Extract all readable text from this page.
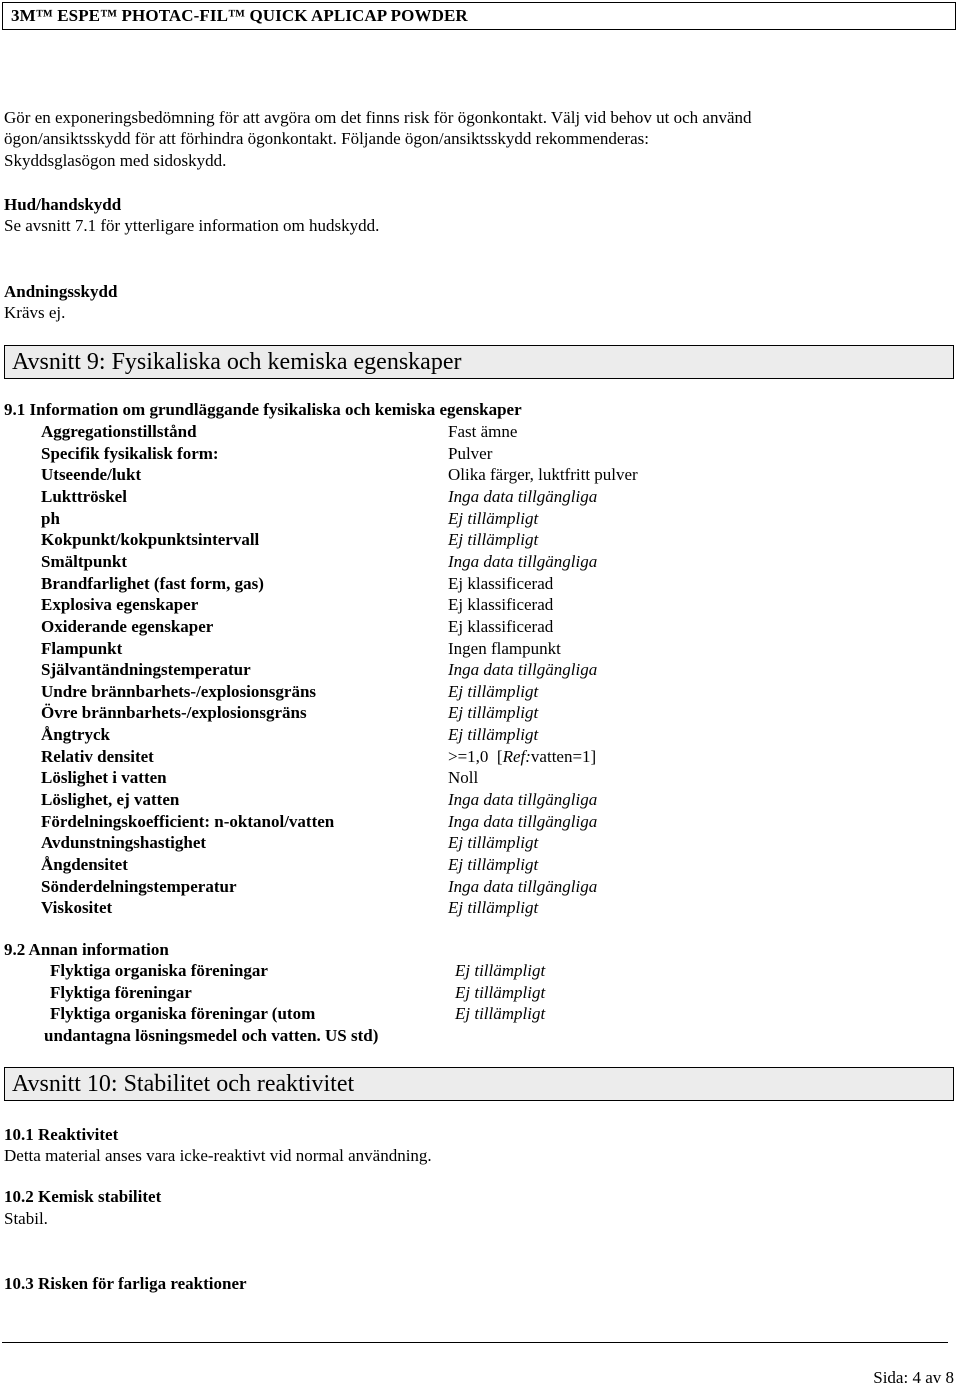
3M™ ESPE™ PHOTAC-FIL™ QUICK APLICAP POWDER
Gör en exponeringsbedömning för att avgöra om det finns risk för ögonkontakt. Välj vid behov ut och använd
ögon/ansiktsskydd för att förhindra ögonkontakt. Följande ögon/ansiktsskydd rekommenderas:
Skyddsglasögon med sidoskydd.
Hud/handskydd
Se avsnitt 7.1 för ytterligare information om hudskydd.
Andningsskydd
Krävs ej.
Avsnitt 9: Fysikaliska och kemiska egenskaper
9.1 Information om grundläggande fysikaliska och kemiska egenskaper
Aggregationstillstånd	Fast ämne
Specifik fysikalisk form:	Pulver
Utseende/lukt	Olika färger, luktfritt pulver
Lukttröskel	Inga data tillgängliga
ph	Ej tillämpligt
Kokpunkt/kokpunktsintervall	Ej tillämpligt
Smältpunkt	Inga data tillgängliga
Brandfarlighet (fast form, gas)	Ej klassificerad
Explosiva egenskaper	Ej klassificerad
Oxiderande egenskaper	Ej klassificerad
Flampunkt	Ingen flampunkt
Självantändningstemperatur	Inga data tillgängliga
Undre brännbarhets-/explosionsgräns	Ej tillämpligt
Övre brännbarhets-/explosionsgräns	Ej tillämpligt
Ångtryck	Ej tillämpligt
Relativ densitet	>=1,0  [Ref:vatten=1]
Löslighet i vatten	Noll
Löslighet, ej vatten	Inga data tillgängliga
Fördelningskoefficient: n-oktanol/vatten	Inga data tillgängliga
Avdunstningshastighet	Ej tillämpligt
Ångdensitet	Ej tillämpligt
Sönderdelningstemperatur	Inga data tillgängliga
Viskositet	Ej tillämpligt
9.2 Annan information
Flyktiga organiska föreningar	Ej tillämpligt
Flyktiga föreningar	Ej tillämpligt
Flyktiga organiska föreningar (utom	Ej tillämpligt
undantagna lösningsmedel och vatten. US std)
Avsnitt 10: Stabilitet och reaktivitet
10.1 Reaktivitet
Detta material anses vara icke-reaktivt vid normal användning.
10.2 Kemisk stabilitet
Stabil.
10.3 Risken för farliga reaktioner
Sida: 4 av 8
